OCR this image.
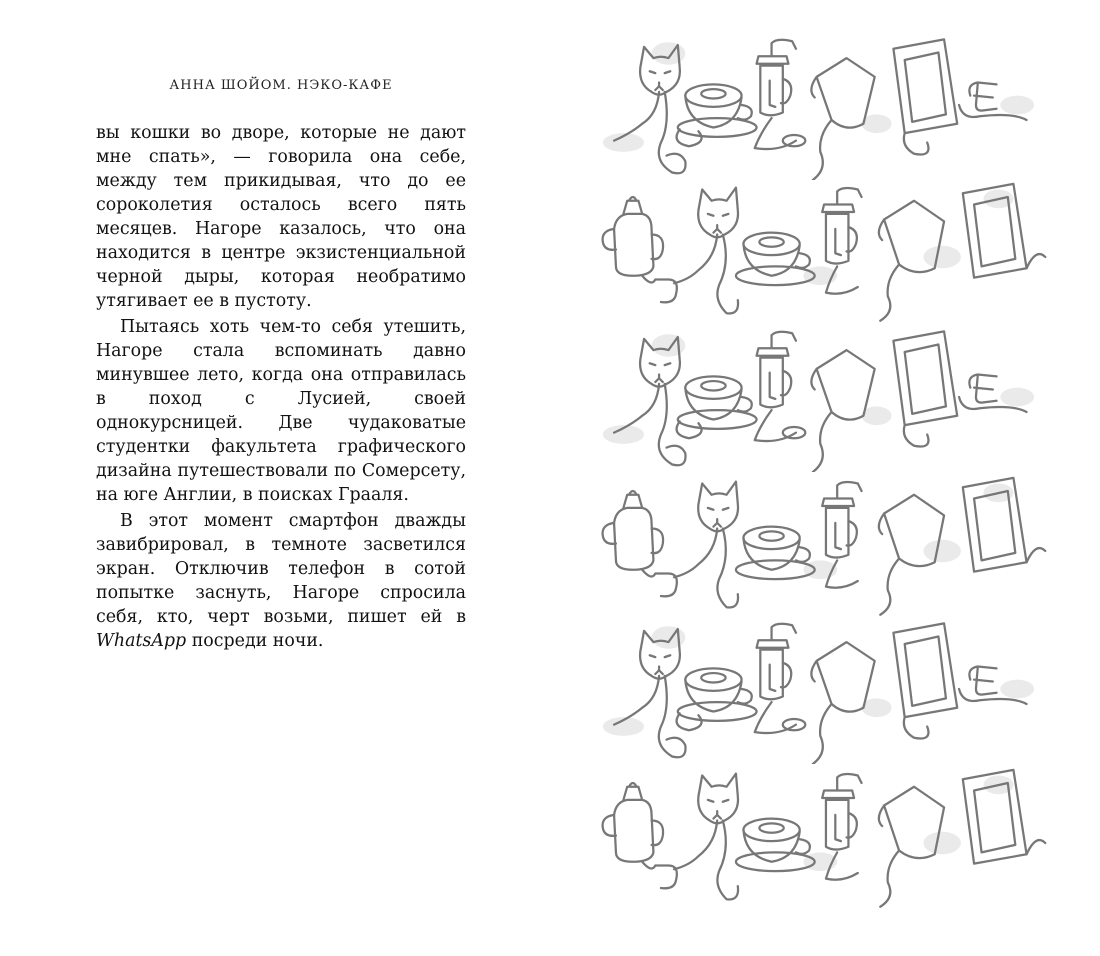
АННА ШОЙОМ. НЭКО-КАФЕ

вы кошки во дворе, которые не дают мне спать», — говорила она себе, между тем прикидывая, что до ее сороколетия осталось всего пять месяцев. Нагоре казалось, что она находится в центре экзистенциальной черной дыры, которая необратимо утягивает ее в пустоту.

Пытаясь хоть чем-то себя утешить, Нагоре стала вспоминать давно минувшее лето, когда она отправилась в поход с Лусией, своей однокурсницей. Две чудаковатые студентки факультета графического дизайна путешествовали по Сомерсету, на юге Англии, в поисках Грааля.

В этот момент смартфон дважды завибрировал, в темноте засветился экран. Отключив телефон в сотой попытке заснуть, Нагоре спросила себя, кто, черт возьми, пишет ей в WhatsApp посреди ночи.
